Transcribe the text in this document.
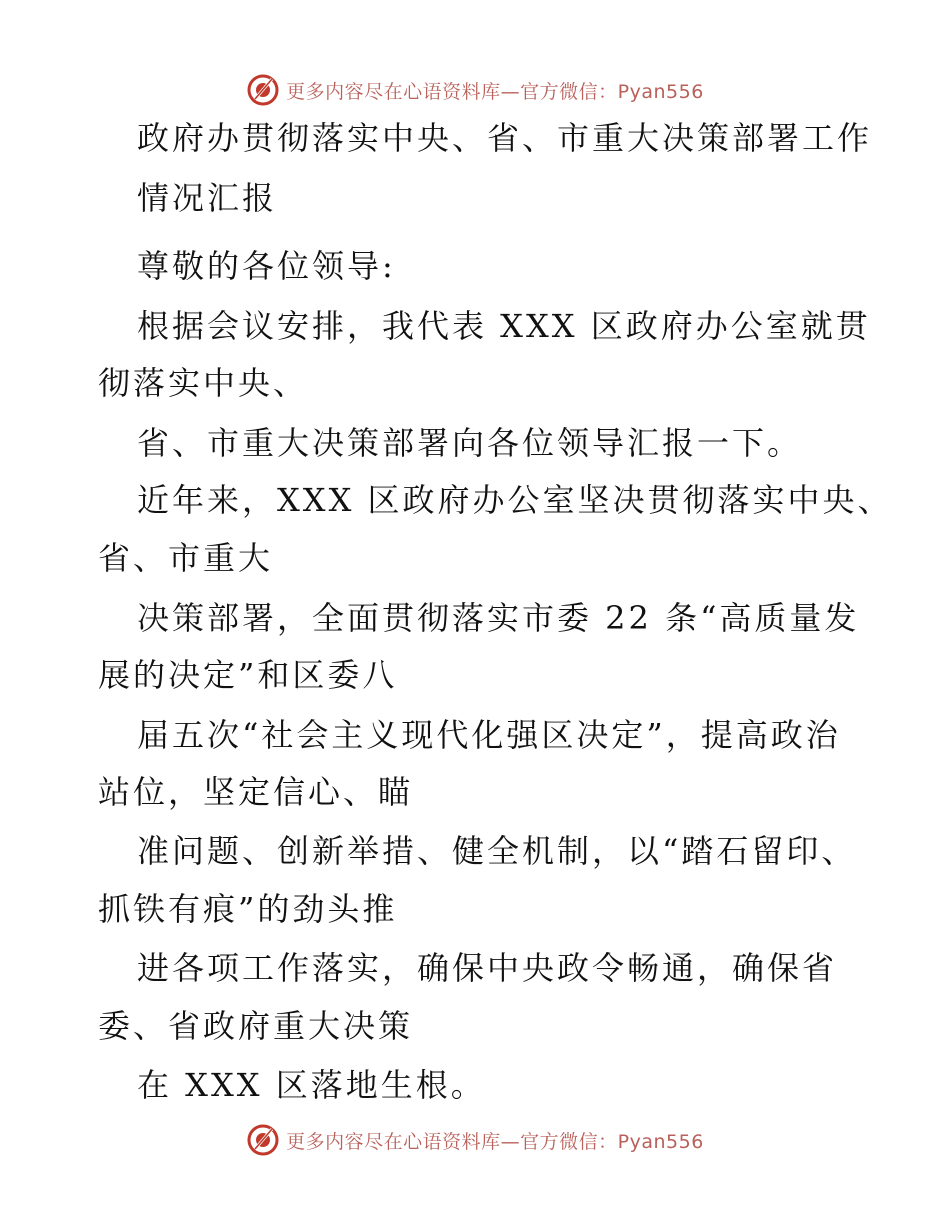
更多内容尽在心语资料库—官方微信：Pyan556
政府办贯彻落实中央、省、市重大决策部署工作
情况汇报
尊敬的各位领导:
根据会议安排，我代表 XXX 区政府办公室就贯
彻落实中央、
省、市重大决策部署向各位领导汇报一下。
近年来，XXX 区政府办公室坚决贯彻落实中央、
省、市重大
决策部署，全面贯彻落实市委 22 条“高质量发
展的决定”和区委八
届五次“社会主义现代化强区决定”，提高政治
站位，坚定信心、瞄
准问题、创新举措、健全机制，以“踏石留印、
抓铁有痕”的劲头推
进各项工作落实，确保中央政令畅通，确保省
委、省政府重大决策
在 XXX 区落地生根。
更多内容尽在心语资料库—官方微信：Pyan556
